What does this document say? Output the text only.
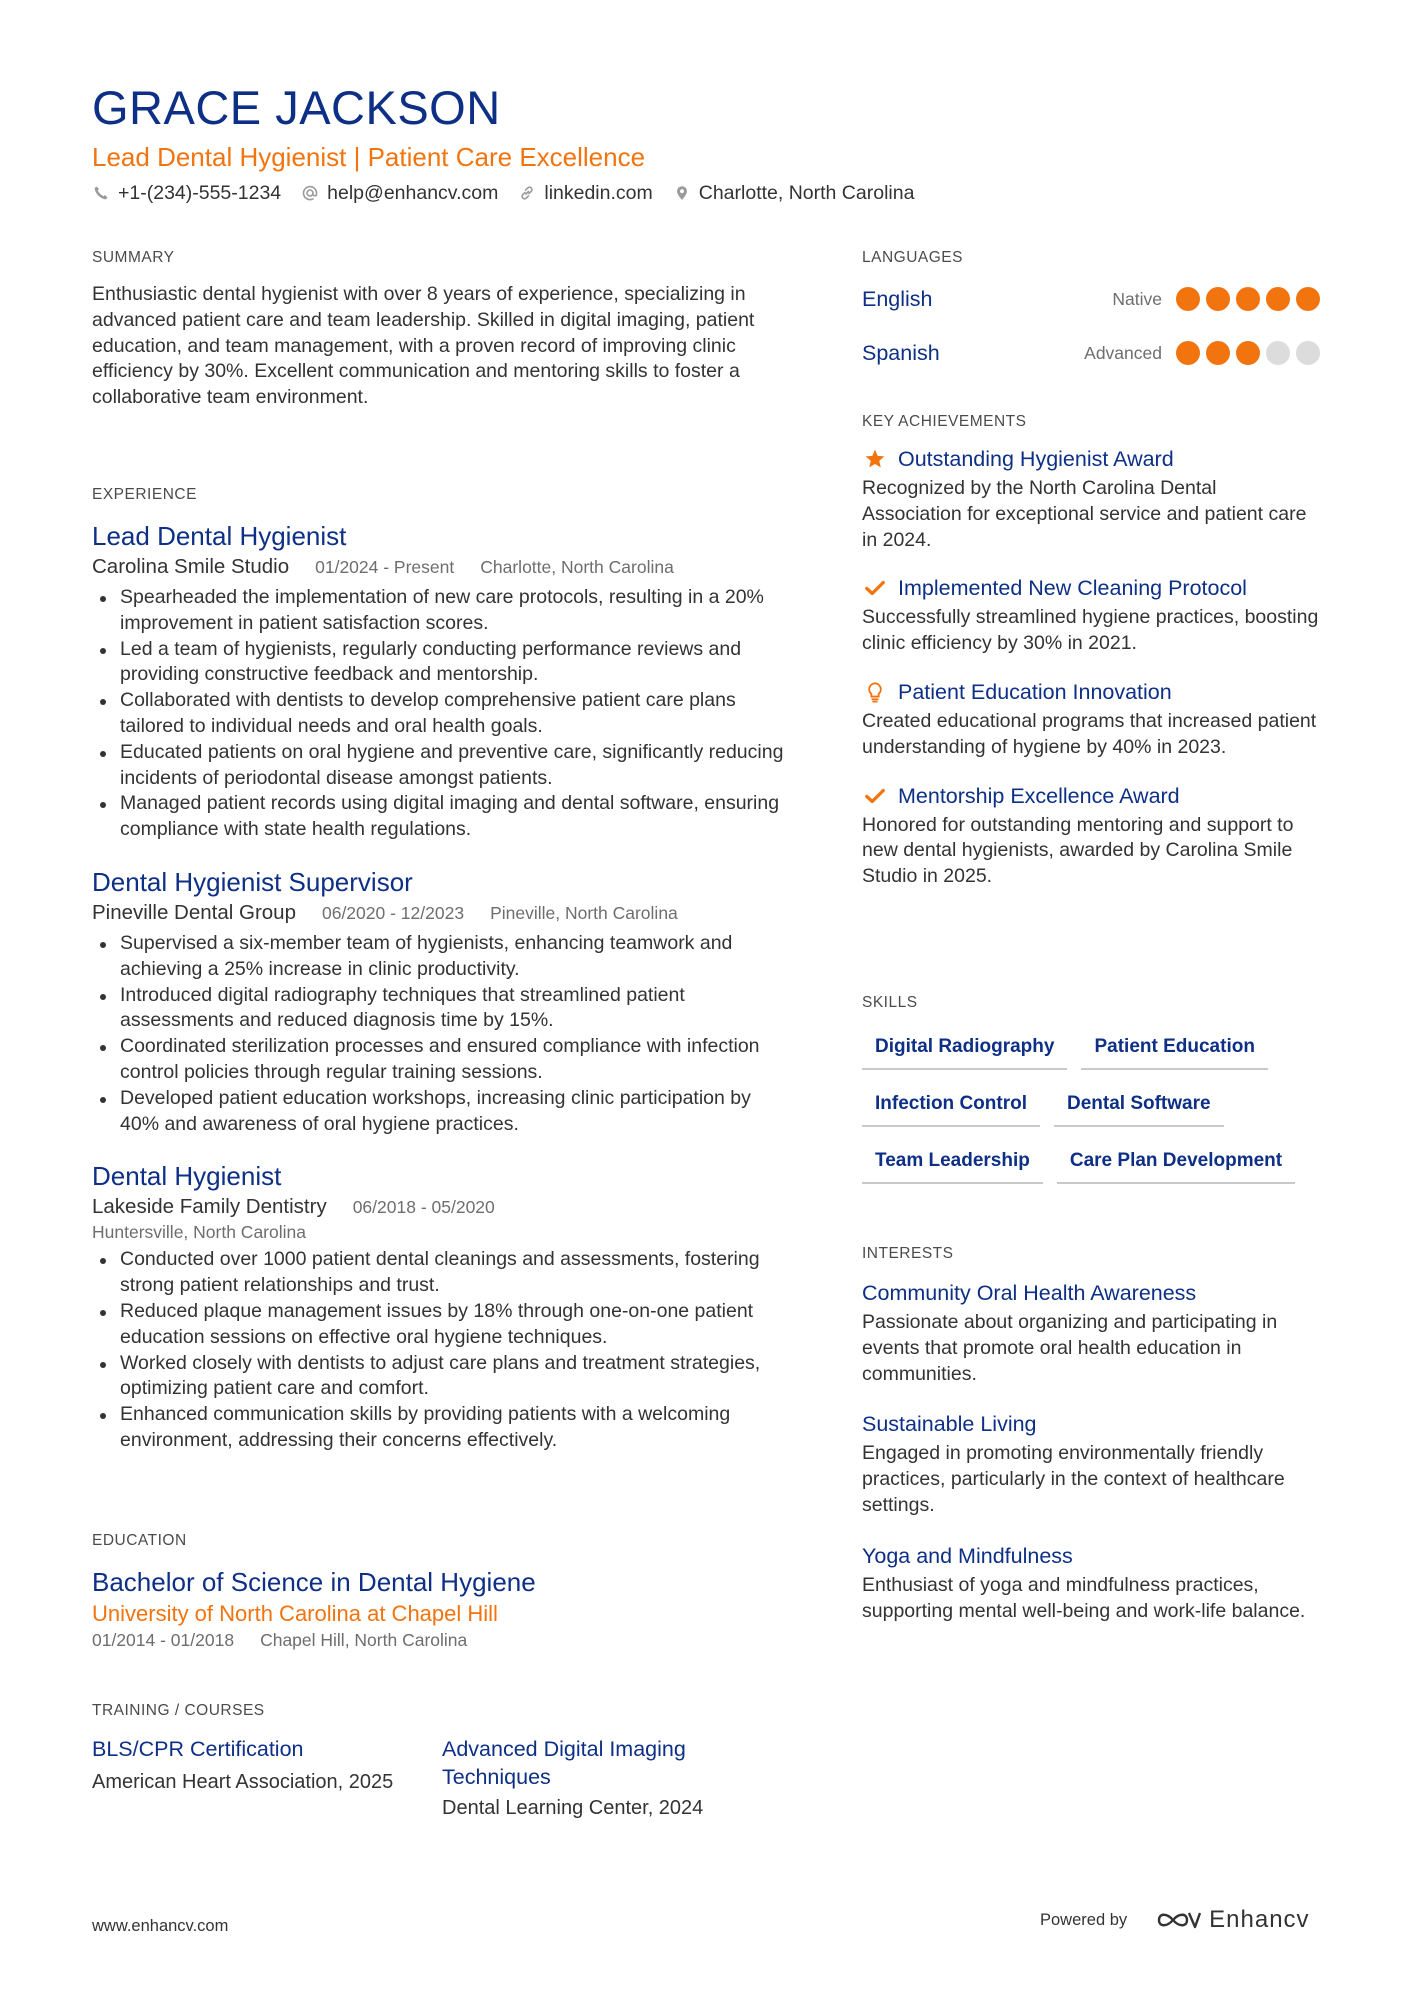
GRACE JACKSON
Lead Dental Hygienist | Patient Care Excellence
+1-(234)-555-1234 help@enhancv.com linkedin.com Charlotte, North Carolina
SUMMARY
Enthusiastic dental hygienist with over 8 years of experience, specializing in advanced patient care and team leadership. Skilled in digital imaging, patient education, and team management, with a proven record of improving clinic efficiency by 30%. Excellent communication and mentoring skills to foster a collaborative team environment.
EXPERIENCE
Lead Dental Hygienist
Carolina Smile Studio 01/2024 - Present Charlotte, North Carolina
Spearheaded the implementation of new care protocols, resulting in a 20% improvement in patient satisfaction scores.
Led a team of hygienists, regularly conducting performance reviews and providing constructive feedback and mentorship.
Collaborated with dentists to develop comprehensive patient care plans tailored to individual needs and oral health goals.
Educated patients on oral hygiene and preventive care, significantly reducing incidents of periodontal disease amongst patients.
Managed patient records using digital imaging and dental software, ensuring compliance with state health regulations.
Dental Hygienist Supervisor
Pineville Dental Group 06/2020 - 12/2023 Pineville, North Carolina
Supervised a six-member team of hygienists, enhancing teamwork and achieving a 25% increase in clinic productivity.
Introduced digital radiography techniques that streamlined patient assessments and reduced diagnosis time by 15%.
Coordinated sterilization processes and ensured compliance with infection control policies through regular training sessions.
Developed patient education workshops, increasing clinic participation by 40% and awareness of oral hygiene practices.
Dental Hygienist
Lakeside Family Dentistry 06/2018 - 05/2020
Huntersville, North Carolina
Conducted over 1000 patient dental cleanings and assessments, fostering strong patient relationships and trust.
Reduced plaque management issues by 18% through one-on-one patient education sessions on effective oral hygiene techniques.
Worked closely with dentists to adjust care plans and treatment strategies, optimizing patient care and comfort.
Enhanced communication skills by providing patients with a welcoming environment, addressing their concerns effectively.
EDUCATION
Bachelor of Science in Dental Hygiene
University of North Carolina at Chapel Hill
01/2014 - 01/2018 Chapel Hill, North Carolina
TRAINING / COURSES
BLS/CPR Certification
American Heart Association, 2025
Advanced Digital Imaging Techniques
Dental Learning Center, 2024
LANGUAGES
English	Native
Spanish	Advanced
KEY ACHIEVEMENTS
Outstanding Hygienist Award
Recognized by the North Carolina Dental Association for exceptional service and patient care in 2024.
Implemented New Cleaning Protocol
Successfully streamlined hygiene practices, boosting clinic efficiency by 30% in 2021.
Patient Education Innovation
Created educational programs that increased patient understanding of hygiene by 40% in 2023.
Mentorship Excellence Award
Honored for outstanding mentoring and support to new dental hygienists, awarded by Carolina Smile Studio in 2025.
SKILLS
Digital Radiography	Patient Education
Infection Control	Dental Software
Team Leadership	Care Plan Development
INTERESTS
Community Oral Health Awareness
Passionate about organizing and participating in events that promote oral health education in communities.
Sustainable Living
Engaged in promoting environmentally friendly practices, particularly in the context of healthcare settings.
Yoga and Mindfulness
Enthusiast of yoga and mindfulness practices, supporting mental well-being and work-life balance.
www.enhancv.com	Powered by	Enhancv
